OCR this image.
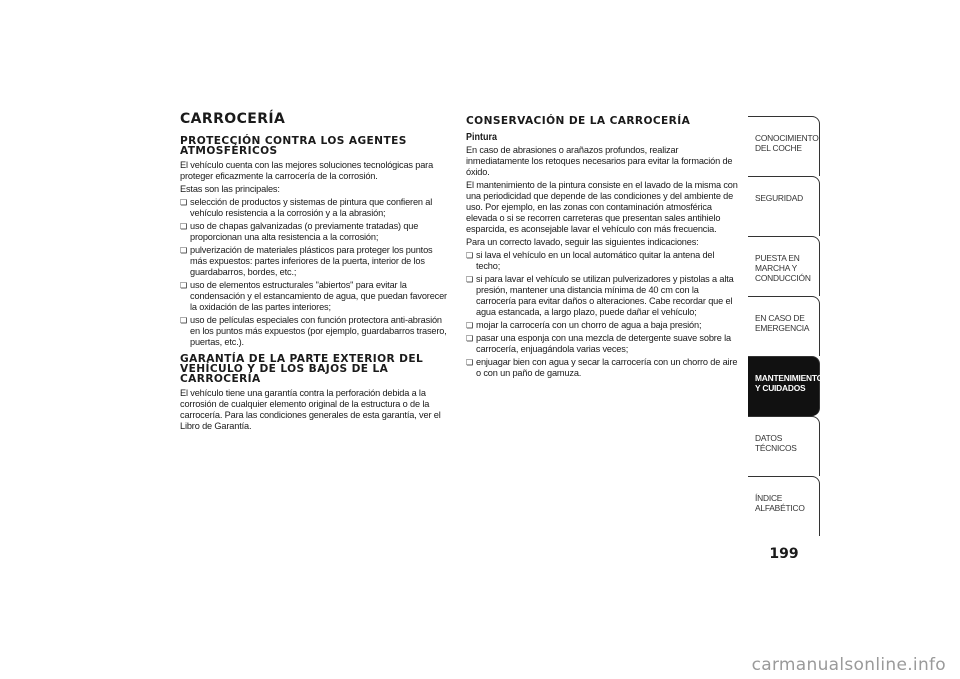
CARROCERÍA
PROTECCIÓN CONTRA LOS AGENTES ATMOSFÉRICOS

El vehículo cuenta con las mejores soluciones tecnológicas para proteger eficazmente la carrocería de la corrosión.

Estas son las principales:

❏ selección de productos y sistemas de pintura que confieren al vehículo resistencia a la corrosión y a la abrasión;
❏ uso de chapas galvanizadas (o previamente tratadas) que proporcionan una alta resistencia a la corrosión;
❏ pulverización de materiales plásticos para proteger los puntos más expuestos: partes inferiores de la puerta, interior de los guardabarros, bordes, etc.;
❏ uso de elementos estructurales "abiertos" para evitar la condensación y el estancamiento de agua, que puedan favorecer la oxidación de las partes interiores;
❏ uso de películas especiales con función protectora anti-abrasión en los puntos más expuestos (por ejemplo, guardabarros trasero, puertas, etc.).
GARANTÍA DE LA PARTE EXTERIOR DEL VEHÍCULO Y DE LOS BAJOS DE LA CARROCERÍA

El vehículo tiene una garantía contra la perforación debida a la corrosión de cualquier elemento original de la estructura o de la carrocería. Para las condiciones generales de esta garantía, ver el Libro de Garantía.

CONSERVACIÓN DE LA CARROCERÍA
Pintura

En caso de abrasiones o arañazos profundos, realizar inmediatamente los retoques necesarios para evitar la formación de óxido.

El mantenimiento de la pintura consiste en el lavado de la misma con una periodicidad que depende de las condiciones y del ambiente de uso. Por ejemplo, en las zonas con contaminación atmosférica elevada o si se recorren carreteras que presentan sales antihielo esparcida, es aconsejable lavar el vehículo con más frecuencia.

Para un correcto lavado, seguir las siguientes indicaciones:

❏ si lava el vehículo en un local automático quitar la antena del techo;
❏ si para lavar el vehículo se utilizan pulverizadores y pistolas a alta presión, mantener una distancia mínima de 40 cm con la carrocería para evitar daños o alteraciones. Cabe recordar que el agua estancada, a largo plazo, puede dañar el vehículo;
❏ mojar la carrocería con un chorro de agua a baja presión;
❏ pasar una esponja con una mezcla de detergente suave sobre la carrocería, enjuagándola varias veces;
❏ enjuagar bien con agua y secar la carrocería con un chorro de aire o con un paño de gamuza.
CONOCIMIENTO DEL COCHE
SEGURIDAD
PUESTA EN MARCHA Y CONDUCCIÓN
EN CASO DE EMERGENCIA
MANTENIMIENTO Y CUIDADOS
DATOS TÉCNICOS
ÍNDICE ALFABÉTICO
199
carmanualsonline.info
